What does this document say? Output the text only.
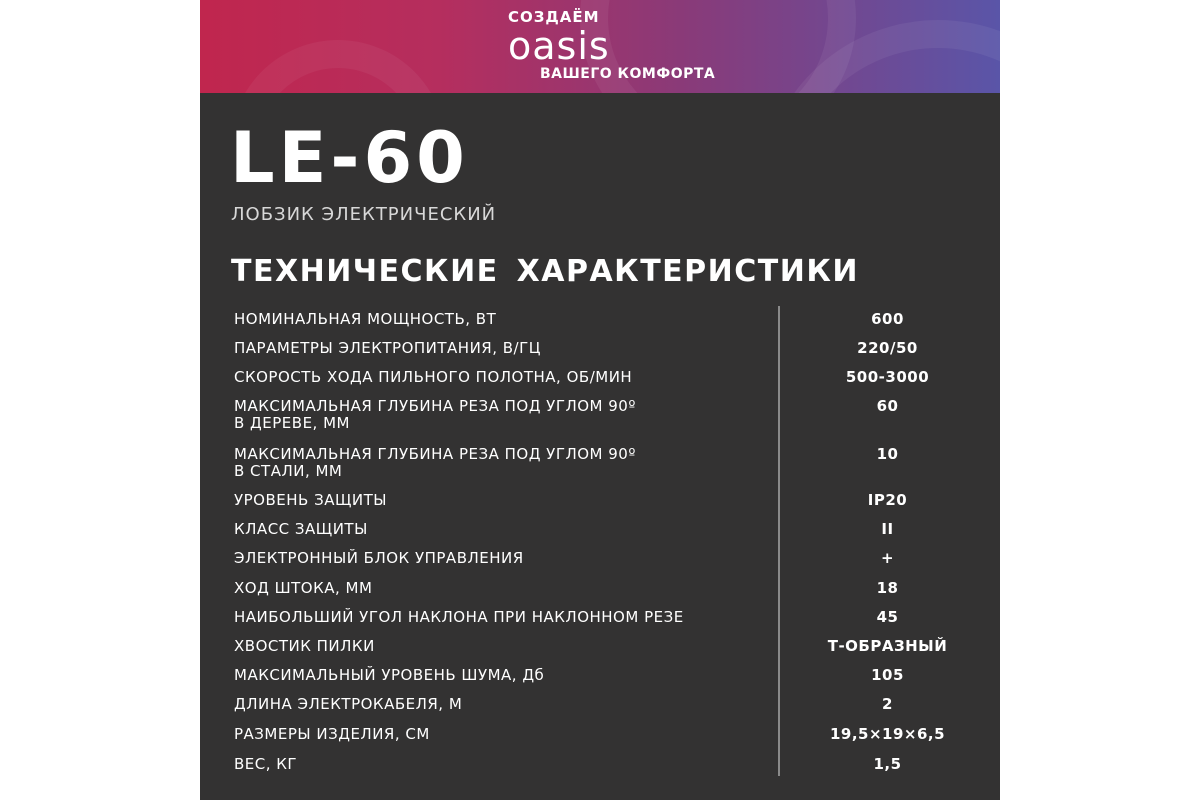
СОЗДАЁМ
oasis
ВАШЕГО КОМФОРТА
LE-60
ЛОБЗИК ЭЛЕКТРИЧЕСКИЙ
ТЕХНИЧЕСКИЕ ХАРАКТЕРИСТИКИ
НОМИНАЛЬНАЯ МОЩНОСТЬ, ВТ	600
ПАРАМЕТРЫ ЭЛЕКТРОПИТАНИЯ, В/ГЦ	220/50
СКОРОСТЬ ХОДА ПИЛЬНОГО ПОЛОТНА, ОБ/МИН	500-3000
МАКСИМАЛЬНАЯ ГЛУБИНА РЕЗА ПОД УГЛОМ 90º
В ДЕРЕВЕ, ММ
60
МАКСИМАЛЬНАЯ ГЛУБИНА РЕЗА ПОД УГЛОМ 90º
В СТАЛИ, ММ
10
УРОВЕНЬ ЗАЩИТЫ	IP20
КЛАСС ЗАЩИТЫ	II
ЭЛЕКТРОННЫЙ БЛОК УПРАВЛЕНИЯ	+
ХОД ШТОКА, ММ	18
НАИБОЛЬШИЙ УГОЛ НАКЛОНА ПРИ НАКЛОННОМ РЕЗЕ	45
ХВОСТИК ПИЛКИ	Т-ОБРАЗНЫЙ
МАКСИМАЛЬНЫЙ УРОВЕНЬ ШУМА, Дб	105
ДЛИНА ЭЛЕКТРОКАБЕЛЯ, М	2
РАЗМЕРЫ ИЗДЕЛИЯ, СМ	19,5×19×6,5
ВЕС, КГ	1,5
